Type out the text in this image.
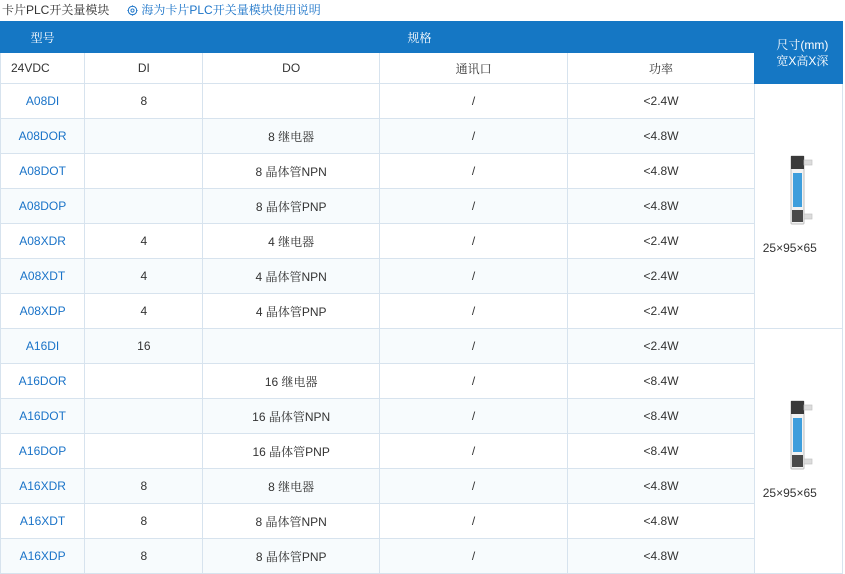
卡片PLC开关量模块	海为卡片PLC开关量模块使用说明
型号	规格				尺寸(mm)
宽X高X深
24VDC	DI	DO	通讯口	功率	
A08DI	8		/	<2.4W	25×95×65

A08DOR		8 继电器	/	<4.8W	
A08DOT		8 晶体管NPN	/	<4.8W	
A08DOP		8 晶体管PNP	/	<4.8W	
A08XDR	4	4 继电器	/	<2.4W	
A08XDT	4	4 晶体管NPN	/	<2.4W	
A08XDP	4	4 晶体管PNP	/	<2.4W	
A16DI	16		/	<2.4W	25×95×65

A16DOR		16 继电器	/	<8.4W	
A16DOT		16 晶体管NPN	/	<8.4W	
A16DOP		16 晶体管PNP	/	<8.4W	
A16XDR	8	8 继电器	/	<4.8W	
A16XDT	8	8 晶体管NPN	/	<4.8W	
A16XDP	8	8 晶体管PNP	/	<4.8W	
